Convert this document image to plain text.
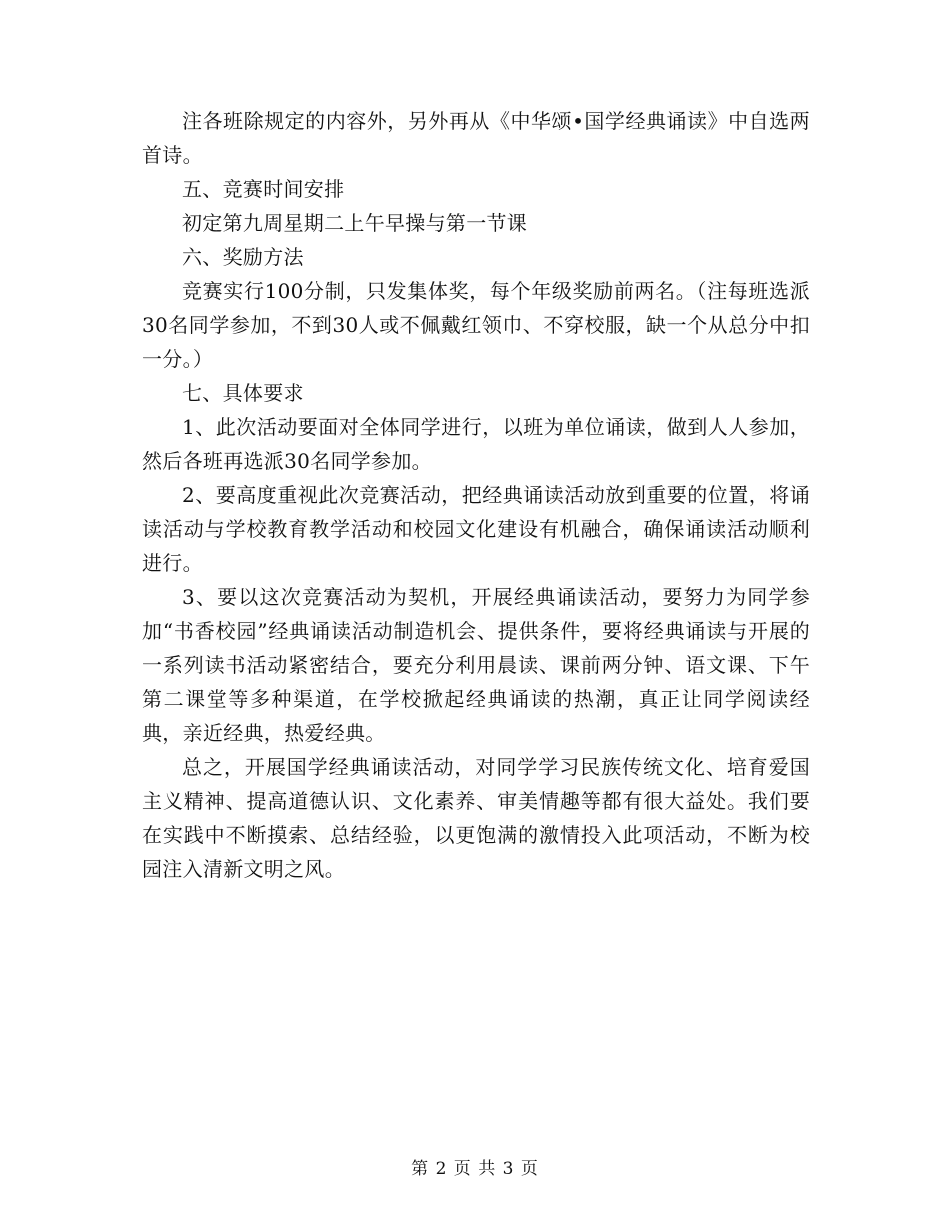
注各班除规定的内容外，另外再从《中华颂•国学经典诵读》中自选两首诗。

五、竞赛时间安排

初定第九周星期二上午早操与第一节课

六、奖励方法

竞赛实行100分制，只发集体奖，每个年级奖励前两名。（注每班选派30名同学参加，不到30人或不佩戴红领巾、不穿校服，缺一个从总分中扣一分。）

七、具体要求

1、此次活动要面对全体同学进行，以班为单位诵读，做到人人参加，然后各班再选派30名同学参加。

2、要高度重视此次竞赛活动，把经典诵读活动放到重要的位置，将诵读活动与学校教育教学活动和校园文化建设有机融合，确保诵读活动顺利进行。

3、要以这次竞赛活动为契机，开展经典诵读活动，要努力为同学参加“书香校园”经典诵读活动制造机会、提供条件，要将经典诵读与开展的一系列读书活动紧密结合，要充分利用晨读、课前两分钟、语文课、下午第二课堂等多种渠道，在学校掀起经典诵读的热潮，真正让同学阅读经典，亲近经典，热爱经典。

总之，开展国学经典诵读活动，对同学学习民族传统文化、培育爱国主义精神、提高道德认识、文化素养、审美情趣等都有很大益处。我们要在实践中不断摸索、总结经验，以更饱满的激情投入此项活动，不断为校园注入清新文明之风。

第 2 页 共 3 页
